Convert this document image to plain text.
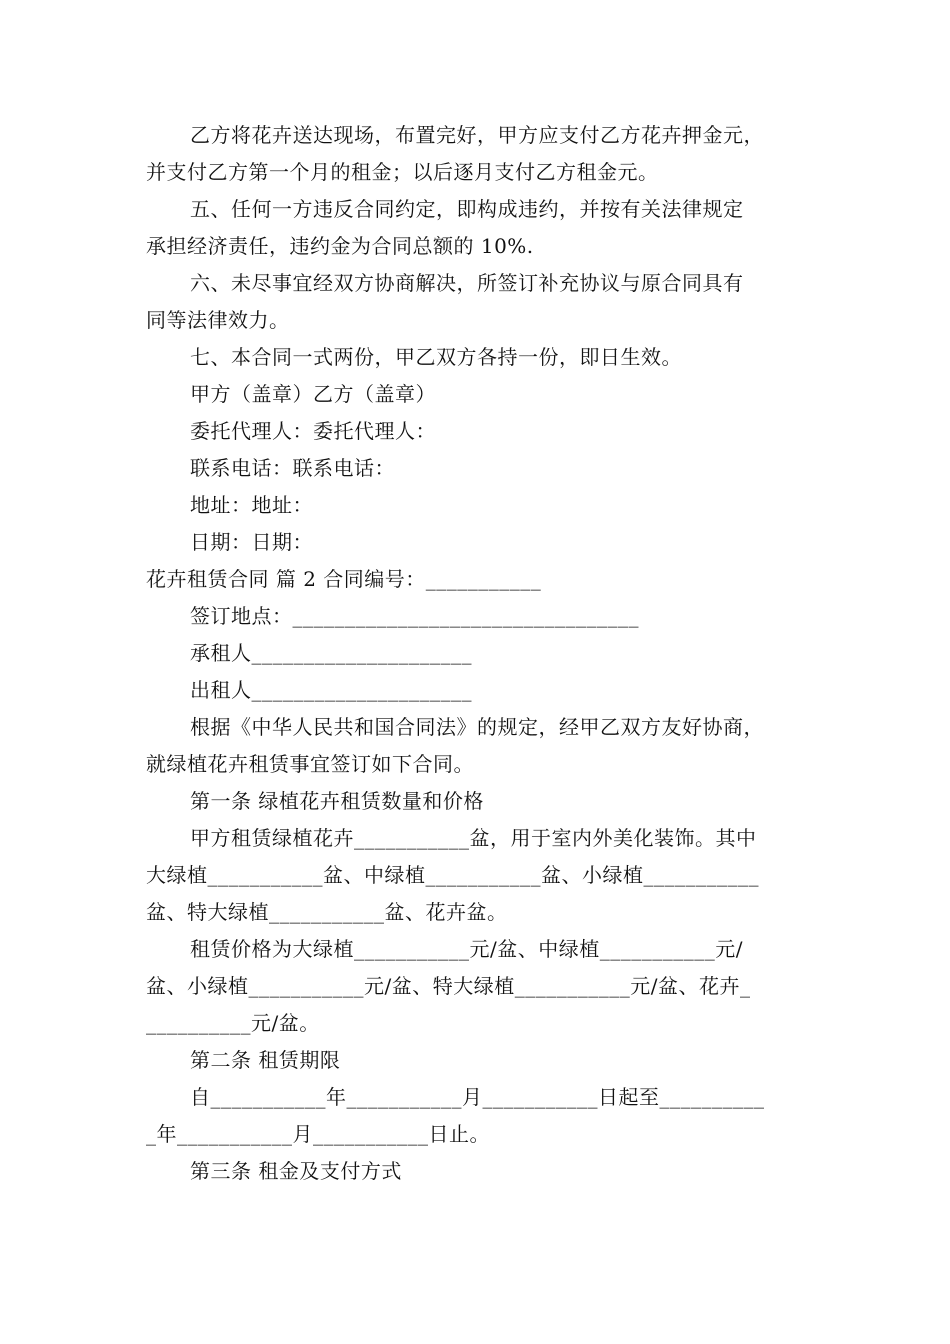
乙方将花卉送达现场，布置完好，甲方应支付乙方花卉押金元，
并支付乙方第一个月的租金；以后逐月支付乙方租金元。
五、任何一方违反合同约定，即构成违约，并按有关法律规定
承担经济责任，违约金为合同总额的 10%.
六、未尽事宜经双方协商解决，所签订补充协议与原合同具有
同等法律效力。
七、本合同一式两份，甲乙双方各持一份，即日生效。
甲方（盖章）乙方（盖章）
委托代理人：委托代理人：
联系电话：联系电话：
地址：地址：
日期：日期：
花卉租赁合同 篇 2 合同编号：___________
签订地点：_________________________________
承租人_____________________
出租人_____________________
根据《中华人民共和国合同法》的规定，经甲乙双方友好协商，
就绿植花卉租赁事宜签订如下合同。
第一条 绿植花卉租赁数量和价格
甲方租赁绿植花卉___________盆，用于室内外美化装饰。其中
大绿植___________盆、中绿植___________盆、小绿植___________
盆、特大绿植___________盆、花卉盆。
租赁价格为大绿植___________元/盆、中绿植___________元/
盆、小绿植___________元/盆、特大绿植___________元/盆、花卉_
__________元/盆。
第二条 租赁期限
自___________年___________月___________日起至__________
_年___________月___________日止。
第三条 租金及支付方式
